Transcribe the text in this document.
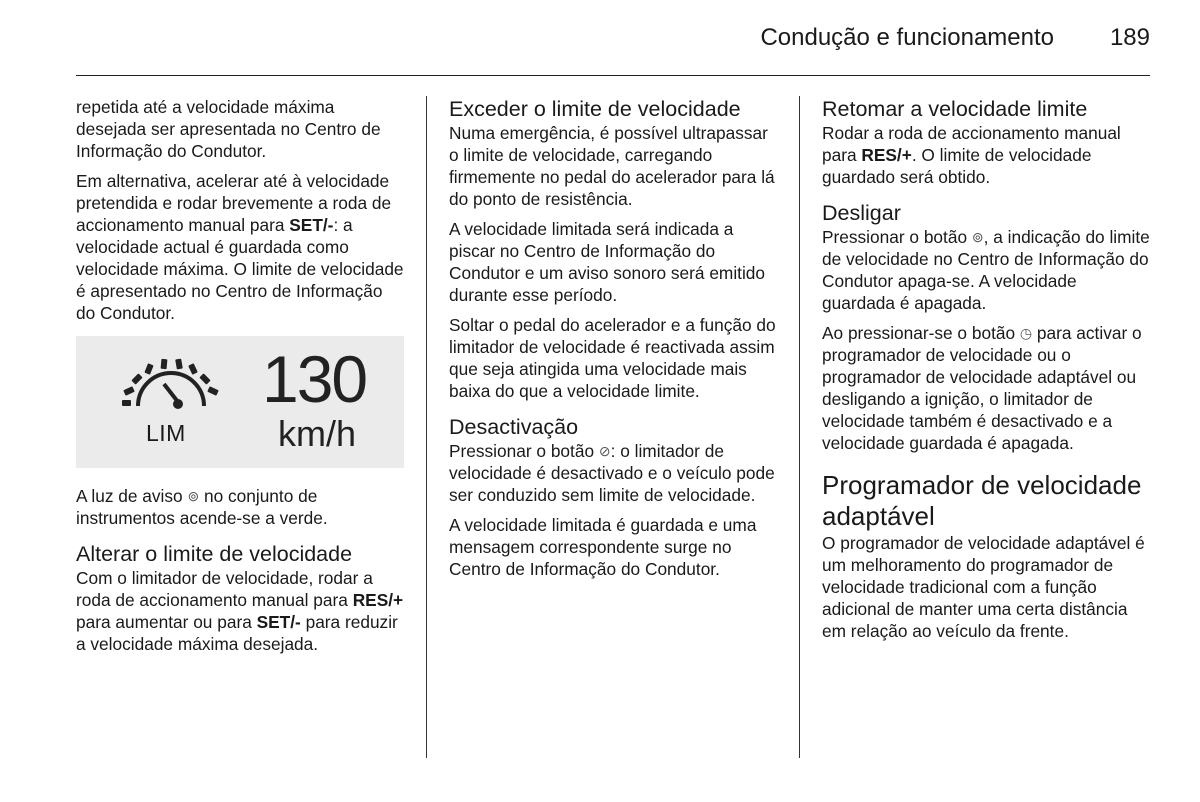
Condução e funcionamento 189

repetida até a velocidade máxima desejada ser apresentada no Centro de Informação do Condutor.

Em alternativa, acelerar até à velocidade pretendida e rodar brevemente a roda de accionamento manual para SET/-: a velocidade actual é guardada como velocidade máxima. O limite de velocidade é apresentado no Centro de Informação do Condutor.

LIM
130
km/h

A luz de aviso ⊚ no conjunto de instrumentos acende-se a verde.

Alterar o limite de velocidade

Com o limitador de velocidade, rodar a roda de accionamento manual para RES/+ para aumentar ou para SET/- para reduzir a velocidade máxima desejada.

Exceder o limite de velocidade

Numa emergência, é possível ultrapassar o limite de velocidade, carregando firmemente no pedal do acelerador para lá do ponto de resistência.

A velocidade limitada será indicada a piscar no Centro de Informação do Condutor e um aviso sonoro será emitido durante esse período.

Soltar o pedal do acelerador e a função do limitador de velocidade é reactivada assim que seja atingida uma velocidade mais baixa do que a velocidade limite.

Desactivação

Pressionar o botão ⊘: o limitador de velocidade é desactivado e o veículo pode ser conduzido sem limite de velocidade.

A velocidade limitada é guardada e uma mensagem correspondente surge no Centro de Informação do Condutor.

Retomar a velocidade limite

Rodar a roda de accionamento manual para RES/+. O limite de velocidade guardado será obtido.

Desligar

Pressionar o botão ⊚, a indicação do limite de velocidade no Centro de Informação do Condutor apaga-se. A velocidade guardada é apagada.

Ao pressionar-se o botão ◷ para activar o programador de velocidade ou o programador de velocidade adaptável ou desligando a ignição, o limitador de velocidade também é desactivado e a velocidade guardada é apagada.

Programador de velocidade adaptável

O programador de velocidade adaptável é um melhoramento do programador de velocidade tradicional com a função adicional de manter uma certa distância em relação ao veículo da frente.
